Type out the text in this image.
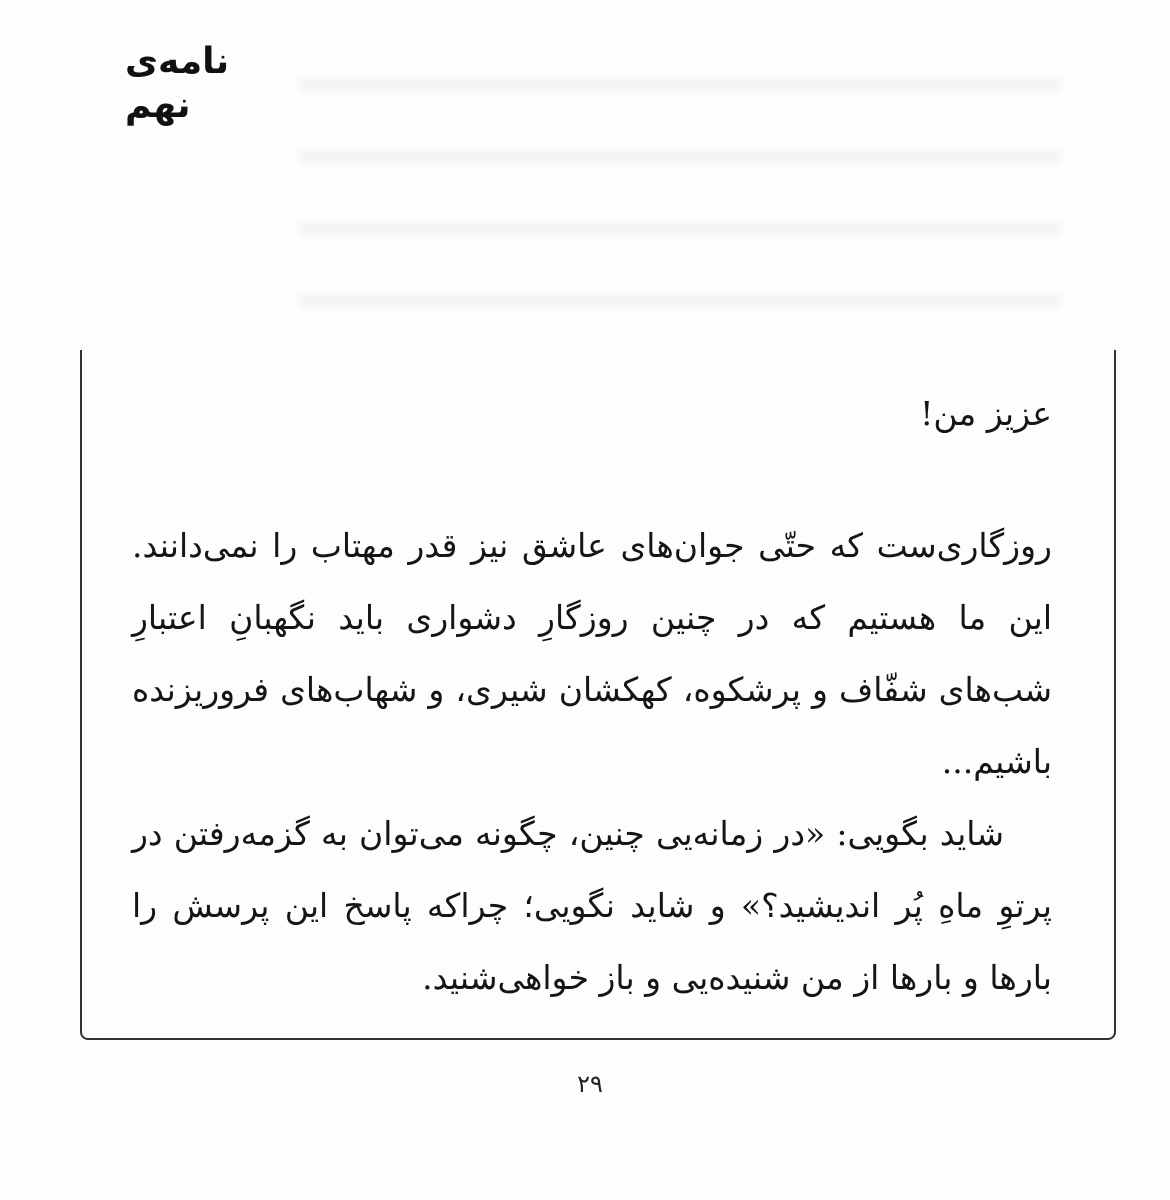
نامه‌ی نهم
عزیز من!
روزگاری‌ست که حتّی جوان‌های عاشق نیز قدر مهتاب را نمی‌دانند. این ما هستیم که در چنین روزگارِ دشواری باید نگهبانِ اعتبارِ شب‌های شفّاف و پرشکوه، کهکشان شیری، و شهاب‌های فروریزنده باشیم...
شاید بگویی: «در زمانه‌یی چنین، چگونه می‌توان به گزمه‌رفتن در پرتوِ ماهِ پُر اندیشید؟» و شاید نگویی؛ چراکه پاسخ این پرسش را بارها و بارها از من شنیده‌یی و باز خواهی‌شنید.
۲۹
